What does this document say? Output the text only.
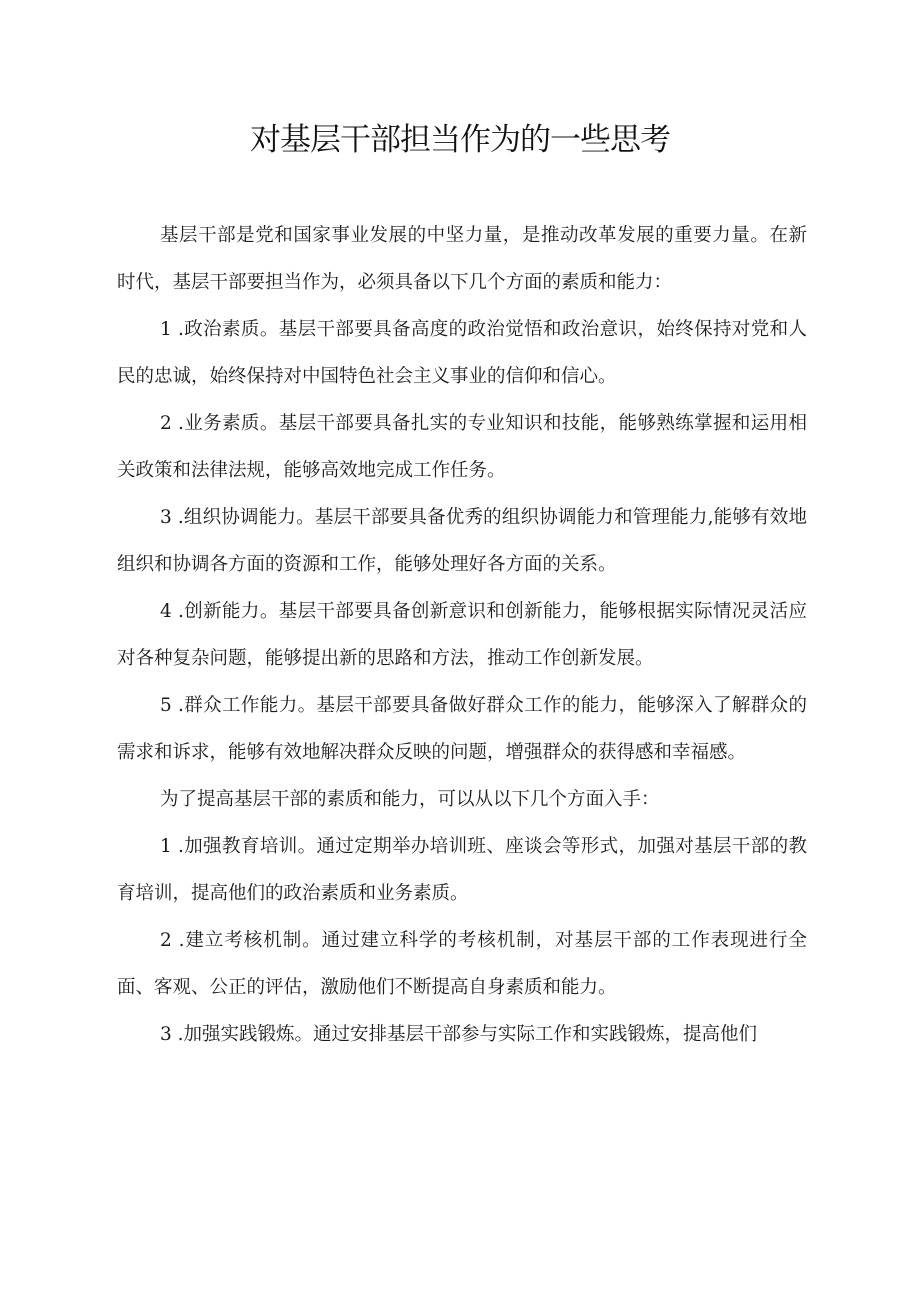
对基层干部担当作为的一些思考

基层干部是党和国家事业发展的中坚力量，是推动改革发展的重要力量。在新时代，基层干部要担当作为，必须具备以下几个方面的素质和能力：

1 .政治素质。基层干部要具备高度的政治觉悟和政治意识，始终保持对党和人民的忠诚，始终保持对中国特色社会主义事业的信仰和信心。

2 .业务素质。基层干部要具备扎实的专业知识和技能，能够熟练掌握和运用相关政策和法律法规，能够高效地完成工作任务。

3 .组织协调能力。基层干部要具备优秀的组织协调能力和管理能力,能够有效地组织和协调各方面的资源和工作，能够处理好各方面的关系。

4 .创新能力。基层干部要具备创新意识和创新能力，能够根据实际情况灵活应对各种复杂问题，能够提出新的思路和方法，推动工作创新发展。

5 .群众工作能力。基层干部要具备做好群众工作的能力，能够深入了解群众的需求和诉求，能够有效地解决群众反映的问题，增强群众的获得感和幸福感。

为了提高基层干部的素质和能力，可以从以下几个方面入手：

1 .加强教育培训。通过定期举办培训班、座谈会等形式，加强对基层干部的教育培训，提高他们的政治素质和业务素质。

2 .建立考核机制。通过建立科学的考核机制，对基层干部的工作表现进行全面、客观、公正的评估，激励他们不断提高自身素质和能力。

3 .加强实践锻炼。通过安排基层干部参与实际工作和实践锻炼，提高他们
